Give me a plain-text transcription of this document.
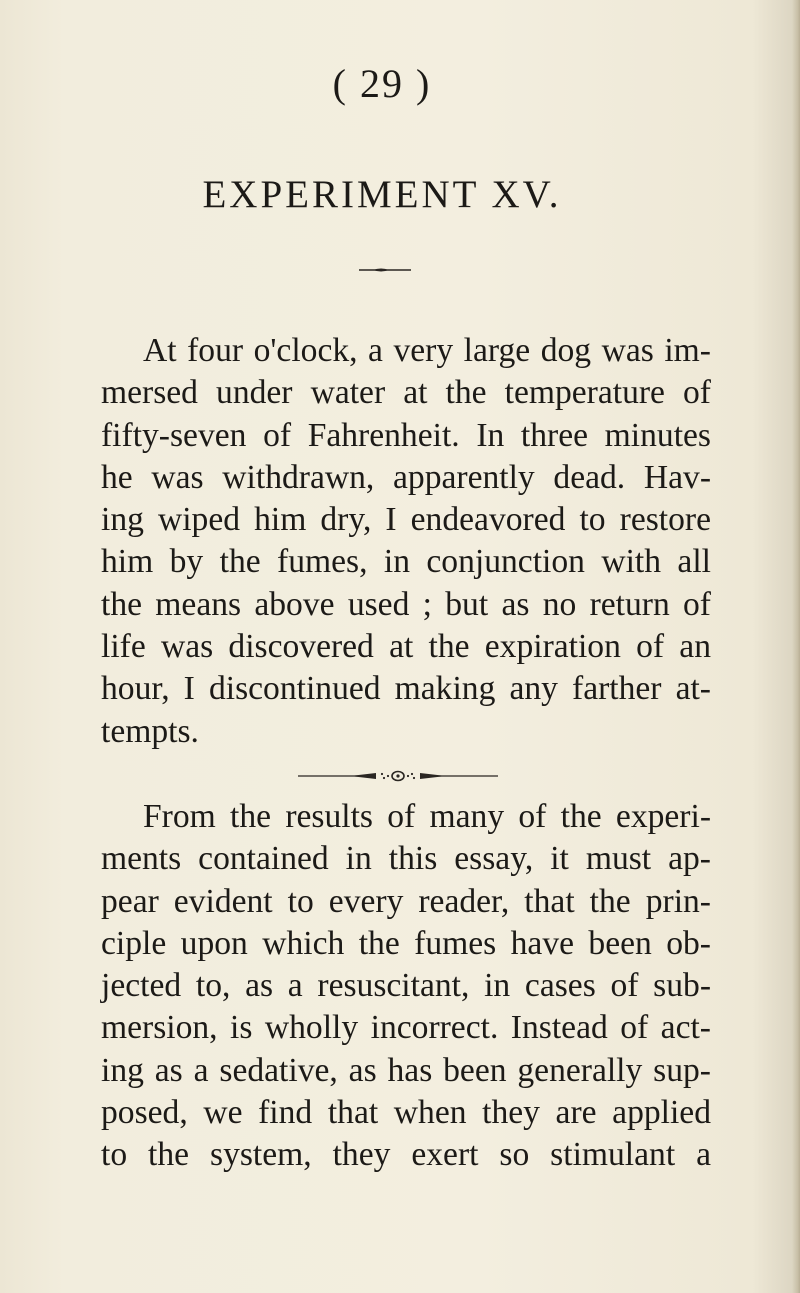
( 29 )
EXPERIMENT XV.

At four o'clock, a very large dog was im-
mersed under water at the temperature of
fifty-seven of Fahrenheit. In three minutes
he was withdrawn, apparently dead. Hav-
ing wiped him dry, I endeavored to restore
him by the fumes, in conjunction with all
the means above used ; but as no return of
life was discovered at the expiration of an
hour, I discontinued making any farther at-
tempts.

From the results of many of the experi-
ments contained in this essay, it must ap-
pear evident to every reader, that the prin-
ciple upon which the fumes have been ob-
jected to, as a resuscitant, in cases of sub-
mersion, is wholly incorrect. Instead of act-
ing as a sedative, as has been generally sup-
posed, we find that when they are applied
to the system, they exert so stimulant a
